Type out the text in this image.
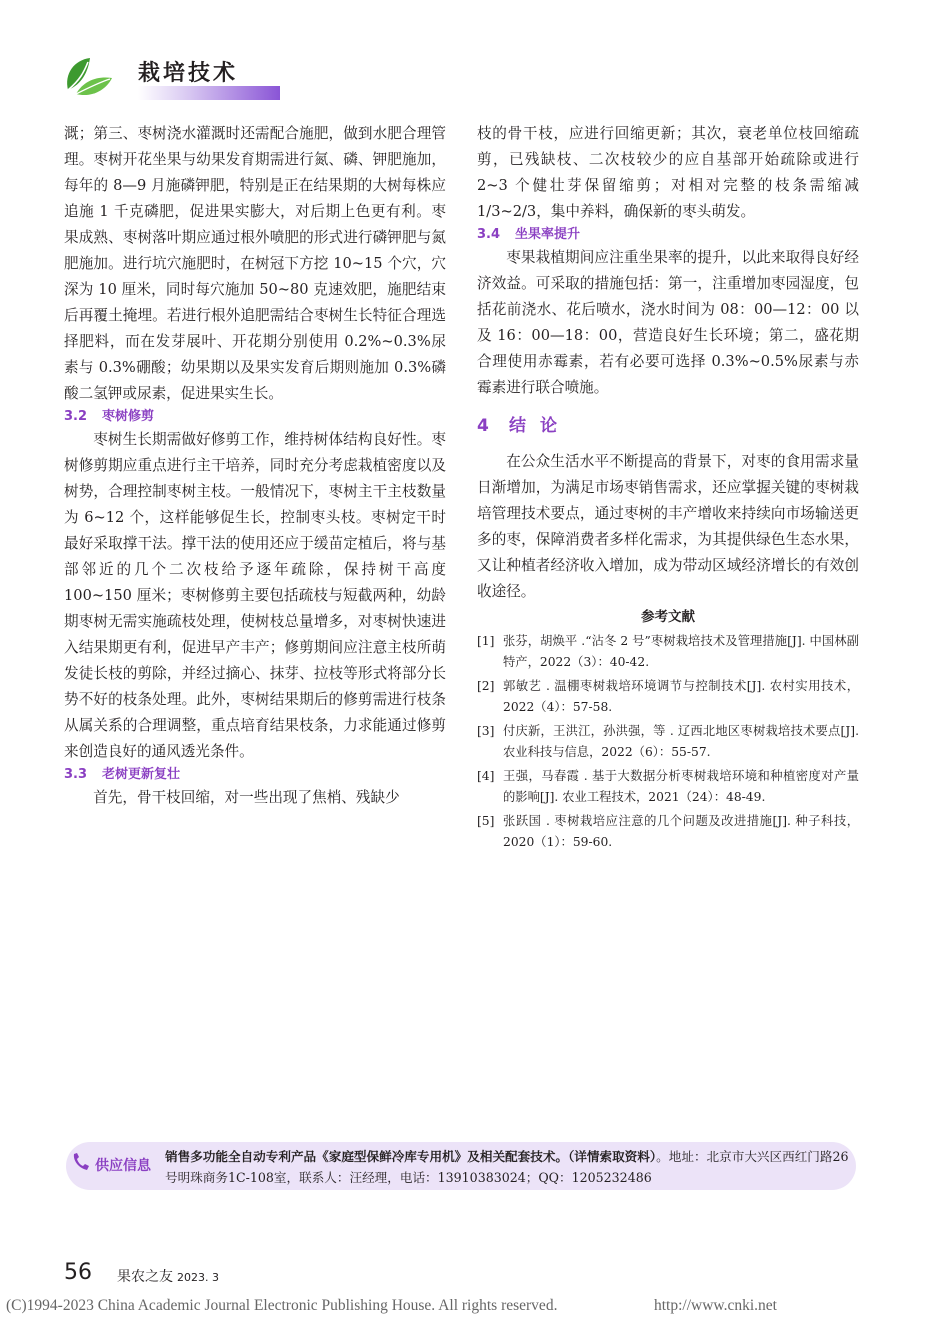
栽培技术

溉；第三、枣树浇水灌溉时还需配合施肥，做到水肥合理管理。枣树开花坐果与幼果发育期需进行氮、磷、钾肥施加，每年的 8—9 月施磷钾肥，特别是正在结果期的大树每株应追施 1 千克磷肥，促进果实膨大，对后期上色更有利。枣果成熟、枣树落叶期应通过根外喷肥的形式进行磷钾肥与氮肥施加。进行坑穴施肥时，在树冠下方挖 10~15 个穴，穴深为 10 厘米，同时每穴施加 50~80 克速效肥，施肥结束后再覆土掩埋。若进行根外追肥需结合枣树生长特征合理选择肥料，而在发芽展叶、开花期分别使用 0.2%~0.3%尿素与 0.3%硼酸；幼果期以及果实发育后期则施加 0.3%磷酸二氢钾或尿素，促进果实生长。

3.2 枣树修剪

枣树生长期需做好修剪工作，维持树体结构良好性。枣树修剪期应重点进行主干培养，同时充分考虑栽植密度以及树势，合理控制枣树主枝。一般情况下，枣树主干主枝数量为 6~12 个，这样能够促生长，控制枣头枝。枣树定干时最好采取撑干法。撑干法的使用还应于缓苗定植后，将与基部邻近的几个二次枝给予逐年疏除，保持树干高度 100~150 厘米；枣树修剪主要包括疏枝与短截两种，幼龄期枣树无需实施疏枝处理，使树枝总量增多，对枣树快速进入结果期更有利，促进早产丰产；修剪期间应注意主枝所萌发徒长枝的剪除，并经过摘心、抹芽、拉枝等形式将部分长势不好的枝条处理。此外，枣树结果期后的修剪需进行枝条从属关系的合理调整，重点培育结果枝条，力求能通过修剪来创造良好的通风透光条件。

3.3 老树更新复壮

首先，骨干枝回缩，对一些出现了焦梢、残缺少

枝的骨干枝，应进行回缩更新；其次，衰老单位枝回缩疏剪，已残缺枝、二次枝较少的应自基部开始疏除或进行 2~3 个健壮芽保留缩剪；对相对完整的枝条需缩减 1/3~2/3，集中养料，确保新的枣头萌发。

3.4 坐果率提升

枣果栽植期间应注重坐果率的提升，以此来取得良好经济效益。可采取的措施包括：第一，注重增加枣园湿度，包括花前浇水、花后喷水，浇水时间为 08：00—12：00 以及 16：00—18：00，营造良好生长环境；第二，盛花期合理使用赤霉素，若有必要可选择 0.3%~0.5%尿素与赤霉素进行联合喷施。

4 结论

在公众生活水平不断提高的背景下，对枣的食用需求量日渐增加，为满足市场枣销售需求，还应掌握关键的枣树栽培管理技术要点，通过枣树的丰产增收来持续向市场输送更多的枣，保障消费者多样化需求，为其提供绿色生态水果，又让种植者经济收入增加，成为带动区域经济增长的有效创收途径。

参考文献
[1] 张芬，胡焕平 .“沾冬 2 号”枣树栽培技术及管理措施[J]. 中国林副特产，2022（3）：40-42.
[2] 郭敏艺 . 温棚枣树栽培环境调节与控制技术[J]. 农村实用技术，2022（4）：57-58.
[3] 付庆新，王洪江，孙洪强，等 . 辽西北地区枣树栽培技术要点[J]. 农业科技与信息，2022（6）：55-57.
[4] 王强，马春霞 . 基于大数据分析枣树栽培环境和种植密度对产量的影响[J]. 农业工程技术，2021（24）：48-49.
[5] 张跃国 . 枣树栽培应注意的几个问题及改进措施[J]. 种子科技，2020（1）：59-60.
供应信息
销售多功能全自动专利产品《家庭型保鲜冷库专用机》及相关配套技术。（详情索取资料）。地址：北京市大兴区西红门路26号明珠商务1C-108室，联系人：汪经理，电话：13910383024；QQ：1205232486
56 果农之友 2023. 3
(C)1994-2023 China Academic Journal Electronic Publishing House. All rights reserved.	http://www.cnki.net
